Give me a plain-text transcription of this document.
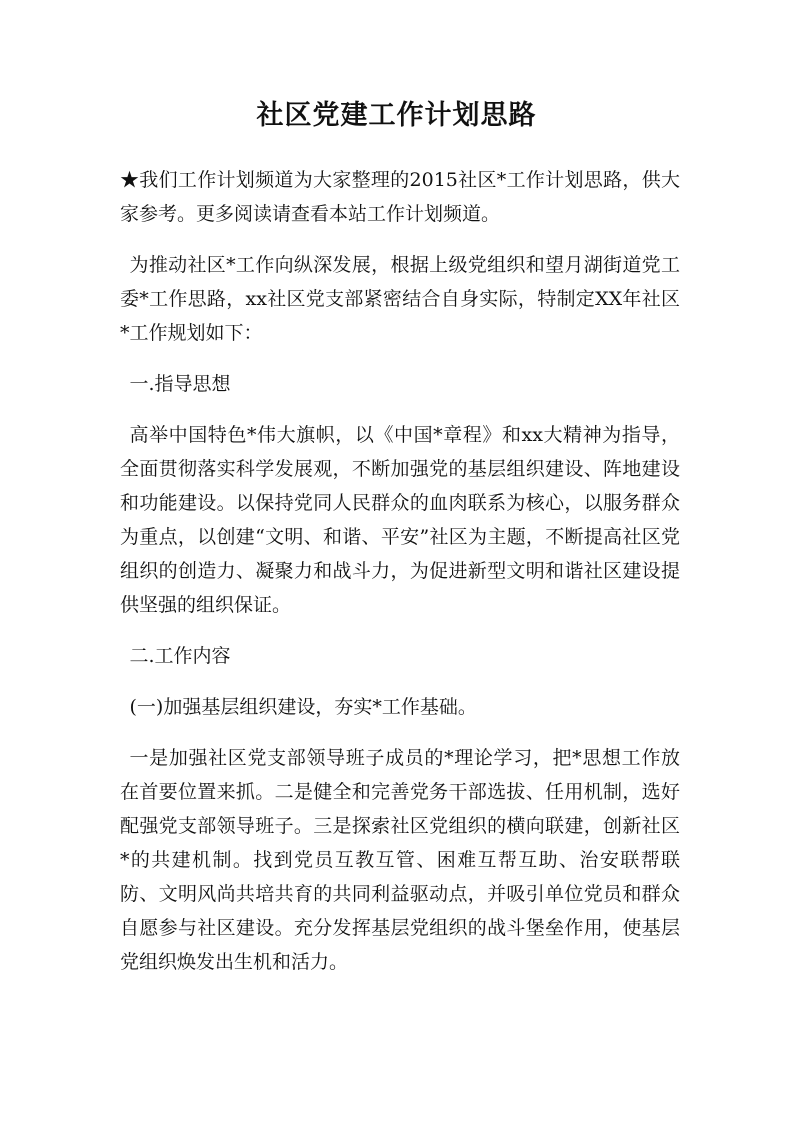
社区党建工作计划思路

★我们工作计划频道为大家整理的2015社区*工作计划思路，供大家参考。更多阅读请查看本站工作计划频道。

为推动社区*工作向纵深发展，根据上级党组织和望月湖街道党工委*工作思路，xx社区党支部紧密结合自身实际，特制定XX年社区*工作规划如下：

一.指导思想

高举中国特色*伟大旗帜，以《中国*章程》和xx大精神为指导，全面贯彻落实科学发展观，不断加强党的基层组织建设、阵地建设和功能建设。以保持党同人民群众的血肉联系为核心，以服务群众为重点，以创建“文明、和谐、平安”社区为主题，不断提高社区党组织的创造力、凝聚力和战斗力，为促进新型文明和谐社区建设提供坚强的组织保证。

二.工作内容

(一)加强基层组织建设，夯实*工作基础。

一是加强社区党支部领导班子成员的*理论学习，把*思想工作放在首要位置来抓。二是健全和完善党务干部选拔、任用机制，选好配强党支部领导班子。三是探索社区党组织的横向联建，创新社区*的共建机制。找到党员互教互管、困难互帮互助、治安联帮联防、文明风尚共培共育的共同利益驱动点，并吸引单位党员和群众自愿参与社区建设。充分发挥基层党组织的战斗堡垒作用，使基层党组织焕发出生机和活力。
